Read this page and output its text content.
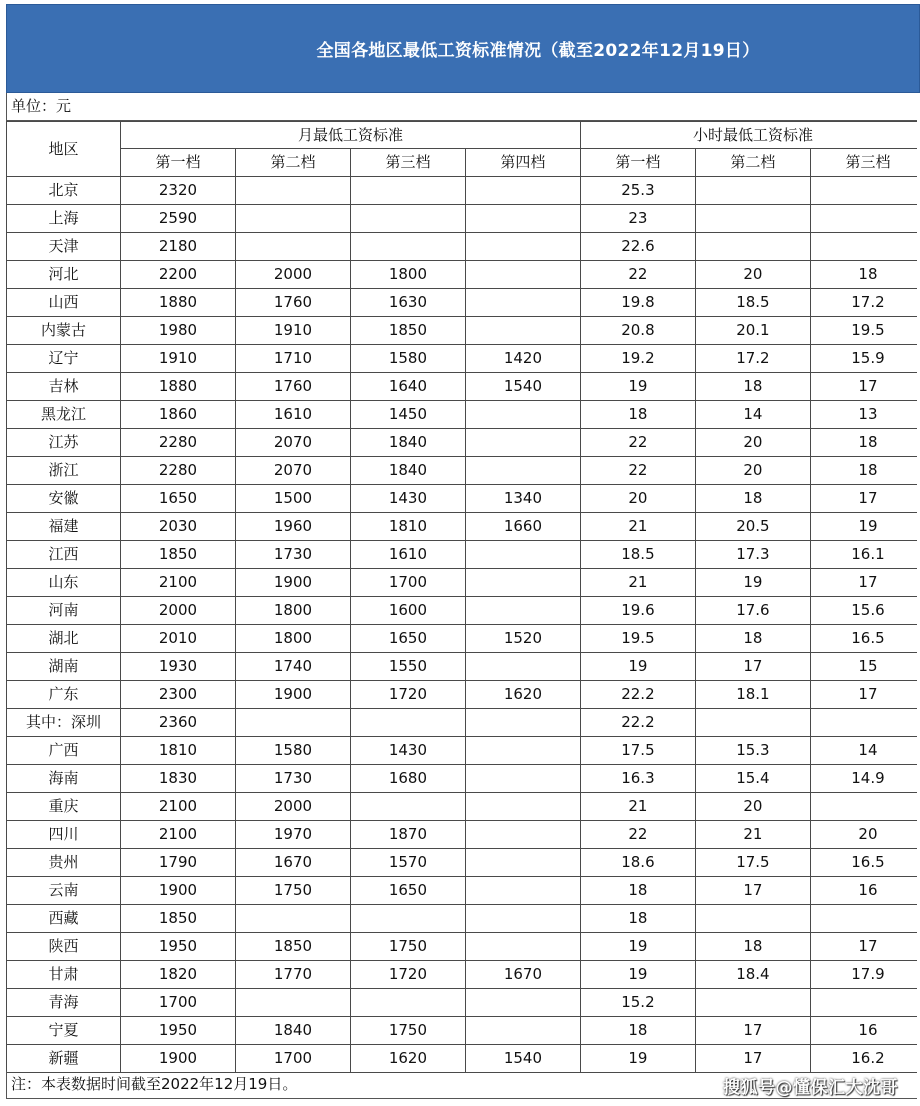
全国各地区最低工资标准情况（截至2022年12月19日）
单位：元
地区	月最低工资标准				小时最低工资标准		
	第一档	第二档	第三档	第四档	第一档	第二档	第三档
北京	2320				25.3		
上海	2590				23		
天津	2180				22.6		
河北	2200	2000	1800		22	20	18
山西	1880	1760	1630		19.8	18.5	17.2
内蒙古	1980	1910	1850		20.8	20.1	19.5
辽宁	1910	1710	1580	1420	19.2	17.2	15.9
吉林	1880	1760	1640	1540	19	18	17
黑龙江	1860	1610	1450		18	14	13
江苏	2280	2070	1840		22	20	18
浙江	2280	2070	1840		22	20	18
安徽	1650	1500	1430	1340	20	18	17
福建	2030	1960	1810	1660	21	20.5	19
江西	1850	1730	1610		18.5	17.3	16.1
山东	2100	1900	1700		21	19	17
河南	2000	1800	1600		19.6	17.6	15.6
湖北	2010	1800	1650	1520	19.5	18	16.5
湖南	1930	1740	1550		19	17	15
广东	2300	1900	1720	1620	22.2	18.1	17
其中：深圳	2360				22.2		
广西	1810	1580	1430		17.5	15.3	14
海南	1830	1730	1680		16.3	15.4	14.9
重庆	2100	2000			21	20	
四川	2100	1970	1870		22	21	20
贵州	1790	1670	1570		18.6	17.5	16.5
云南	1900	1750	1650		18	17	16
西藏	1850				18		
陕西	1950	1850	1750		19	18	17
甘肃	1820	1770	1720	1670	19	18.4	17.9
青海	1700				15.2		
宁夏	1950	1840	1750		18	17	16
新疆	1900	1700	1620	1540	19	17	16.2
注：本表数据时间截至2022年12月19日。	搜狐号@懂保汇大沈哥
